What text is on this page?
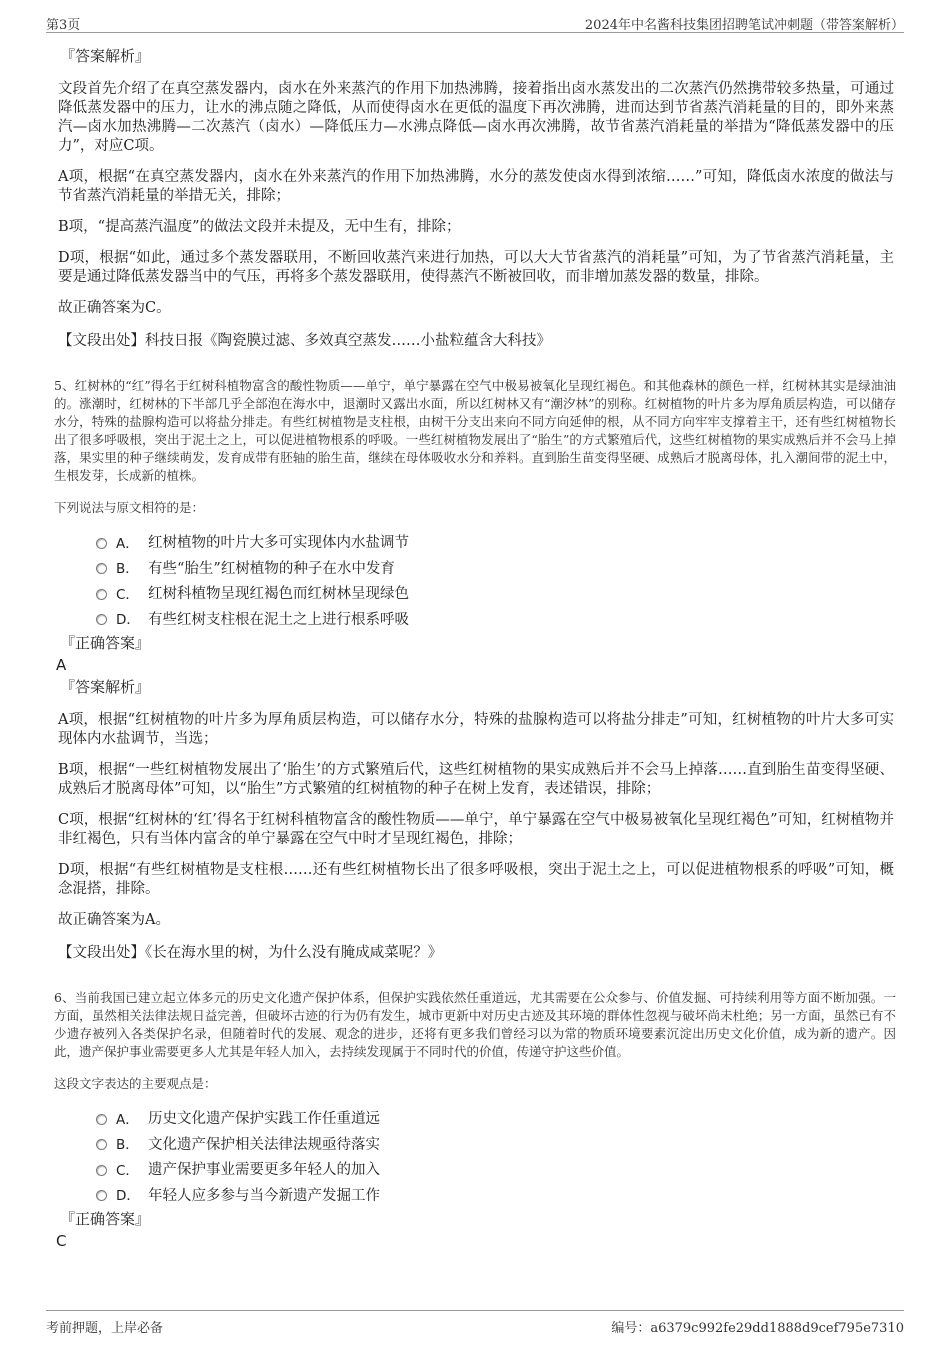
第3页	2024年中名酱科技集团招聘笔试冲刺题（带答案解析）
『答案解析』

文段首先介绍了在真空蒸发器内，卤水在外来蒸汽的作用下加热沸腾，接着指出卤水蒸发出的二次蒸汽仍然携带较多热量，可通过降低蒸发器中的压力，让水的沸点随之降低，从而使得卤水在更低的温度下再次沸腾，进而达到节省蒸汽消耗量的目的，即外来蒸汽—卤水加热沸腾—二次蒸汽（卤水）—降低压力—水沸点降低—卤水再次沸腾，故节省蒸汽消耗量的举措为“降低蒸发器中的压力”，对应C项。

A项，根据“在真空蒸发器内，卤水在外来蒸汽的作用下加热沸腾，水分的蒸发使卤水得到浓缩……”可知，降低卤水浓度的做法与节省蒸汽消耗量的举措无关，排除；

B项，“提高蒸汽温度”的做法文段并未提及，无中生有，排除；

D项，根据“如此，通过多个蒸发器联用，不断回收蒸汽来进行加热，可以大大节省蒸汽的消耗量”可知，为了节省蒸汽消耗量，主要是通过降低蒸发器当中的气压，再将多个蒸发器联用，使得蒸汽不断被回收，而非增加蒸发器的数量，排除。

故正确答案为C。

【文段出处】科技日报《陶瓷膜过滤、多效真空蒸发……小盐粒蕴含大科技》

5、红树林的“红”得名于红树科植物富含的酸性物质——单宁，单宁暴露在空气中极易被氧化呈现红褐色。和其他森林的颜色一样，红树林其实是绿油油的。涨潮时，红树林的下半部几乎全部泡在海水中，退潮时又露出水面，所以红树林又有“潮汐林”的别称。红树植物的叶片多为厚角质层构造，可以储存水分，特殊的盐腺构造可以将盐分排走。有些红树植物是支柱根，由树干分支出来向不同方向延伸的根，从不同方向牢牢支撑着主干，还有些红树植物长出了很多呼吸根，突出于泥土之上，可以促进植物根系的呼吸。一些红树植物发展出了“胎生”的方式繁殖后代，这些红树植物的果实成熟后并不会马上掉落，果实里的种子继续萌发，发育成带有胚轴的胎生苗，继续在母体吸收水分和养料。直到胎生苗变得坚硬、成熟后才脱离母体，扎入潮间带的泥土中，生根发芽，长成新的植株。

下列说法与原文相符的是：

A． 红树植物的叶片大多可实现体内水盐调节
B． 有些“胎生”红树植物的种子在水中发育
C． 红树科植物呈现红褐色而红树林呈现绿色
D． 有些红树支柱根在泥土之上进行根系呼吸
『正确答案』
A
『答案解析』

A项，根据“红树植物的叶片多为厚角质层构造，可以储存水分，特殊的盐腺构造可以将盐分排走”可知，红树植物的叶片大多可实现体内水盐调节，当选；

B项，根据“一些红树植物发展出了‘胎生’的方式繁殖后代，这些红树植物的果实成熟后并不会马上掉落……直到胎生苗变得坚硬、成熟后才脱离母体”可知，以“胎生”方式繁殖的红树植物的种子在树上发育，表述错误，排除；

C项，根据“红树林的‘红’得名于红树科植物富含的酸性物质——单宁，单宁暴露在空气中极易被氧化呈现红褐色”可知，红树植物并非红褐色，只有当体内富含的单宁暴露在空气中时才呈现红褐色，排除；

D项，根据“有些红树植物是支柱根……还有些红树植物长出了很多呼吸根，突出于泥土之上，可以促进植物根系的呼吸”可知，概念混搭，排除。

故正确答案为A。

【文段出处】《长在海水里的树，为什么没有腌成咸菜呢？》

6、当前我国已建立起立体多元的历史文化遗产保护体系，但保护实践依然任重道远，尤其需要在公众参与、价值发掘、可持续利用等方面不断加强。一方面，虽然相关法律法规日益完善，但破坏古迹的行为仍有发生，城市更新中对历史古迹及其环境的群体性忽视与破坏尚未杜绝；另一方面，虽然已有不少遗存被列入各类保护名录，但随着时代的发展、观念的进步，还将有更多我们曾经习以为常的物质环境要素沉淀出历史文化价值，成为新的遗产。因此，遗产保护事业需要更多人尤其是年轻人加入，去持续发现属于不同时代的价值，传递守护这些价值。

这段文字表达的主要观点是：

A． 历史文化遗产保护实践工作任重道远
B． 文化遗产保护相关法律法规亟待落实
C． 遗产保护事业需要更多年轻人的加入
D． 年轻人应多参与当今新遗产发掘工作
『正确答案』
C
考前押题，上岸必备	编号：a6379c992fe29dd1888d9cef795e7310
